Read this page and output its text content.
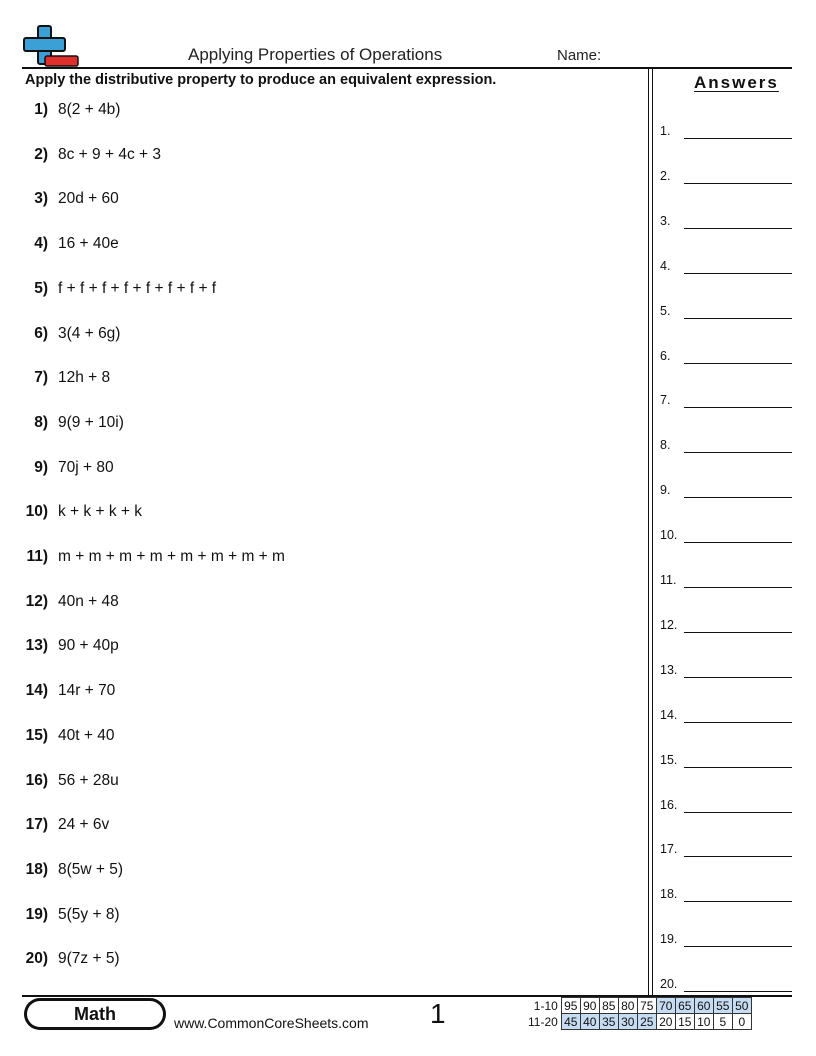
Applying Properties of Operations	Name:
Apply the distributive property to produce an equivalent expression.	Answers
1) 8(2 + 4b)
2) 8c + 9 + 4c + 3
3) 20d + 60
4) 16 + 40e
5) f + f + f + f + f + f + f + f
6) 3(4 + 6g)
7) 12h + 8
8) 9(9 + 10i)
9) 70j + 80
10) k + k + k + k
11) m + m + m + m + m + m + m + m
12) 40n + 48
13) 90 + 40p
14) 14r + 70
15) 40t + 40
16) 56 + 28u
17) 24 + 6v
18) 8(5w + 5)
19) 5(5y + 8)
20) 9(7z + 5)
1.
2.
3.
4.
5.
6.
7.
8.
9.
10.
11.
12.
13.
14.
15.
16.
17.
18.
19.
20.
Math	www.CommonCoreSheets.com 1	1-10	95	90	85	80	75	70	65	60	55	50
11-20	45	40	35	30	25	20	15	10	5	0
